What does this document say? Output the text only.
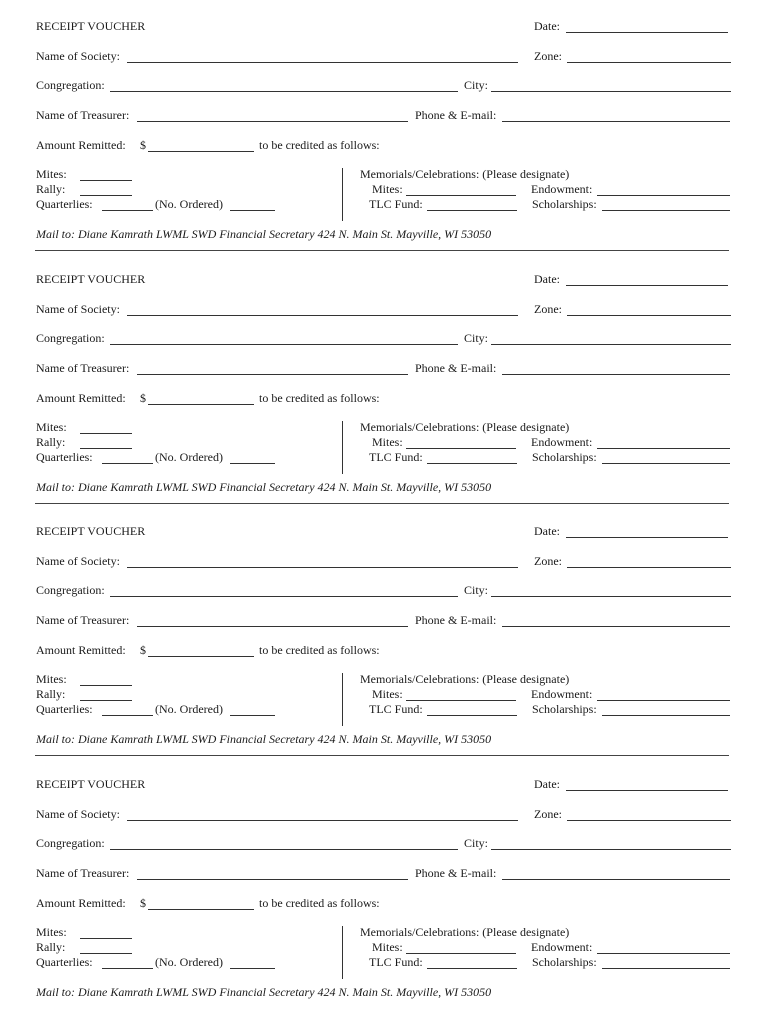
RECEIPT VOUCHER	Date:
Name of Society:	Zone:
Congregation:	City:
Name of Treasurer:	Phone & E-mail:
Amount Remitted: $	to be credited as follows:
Mites:
Rally:
Quarterlies:	(No. Ordered)
Memorials/Celebrations: (Please designate)
Mites:	Endowment:
TLC Fund:	Scholarships:
Mail to: Diane Kamrath LWML SWD Financial Secretary 424 N. Main St. Mayville, WI 53050
RECEIPT VOUCHER	Date:
Name of Society:	Zone:
Congregation:	City:
Name of Treasurer:	Phone & E-mail:
Amount Remitted: $	to be credited as follows:
Mites:
Rally:
Quarterlies:	(No. Ordered)
Memorials/Celebrations: (Please designate)
Mites:	Endowment:
TLC Fund:	Scholarships:
Mail to: Diane Kamrath LWML SWD Financial Secretary 424 N. Main St. Mayville, WI 53050
RECEIPT VOUCHER	Date:
Name of Society:	Zone:
Congregation:	City:
Name of Treasurer:	Phone & E-mail:
Amount Remitted: $	to be credited as follows:
Mites:
Rally:
Quarterlies:	(No. Ordered)
Memorials/Celebrations: (Please designate)
Mites:	Endowment:
TLC Fund:	Scholarships:
Mail to: Diane Kamrath LWML SWD Financial Secretary 424 N. Main St. Mayville, WI 53050
RECEIPT VOUCHER	Date:
Name of Society:	Zone:
Congregation:	City:
Name of Treasurer:	Phone & E-mail:
Amount Remitted: $	to be credited as follows:
Mites:
Rally:
Quarterlies:	(No. Ordered)
Memorials/Celebrations: (Please designate)
Mites:	Endowment:
TLC Fund:	Scholarships:
Mail to: Diane Kamrath LWML SWD Financial Secretary 424 N. Main St. Mayville, WI 53050
